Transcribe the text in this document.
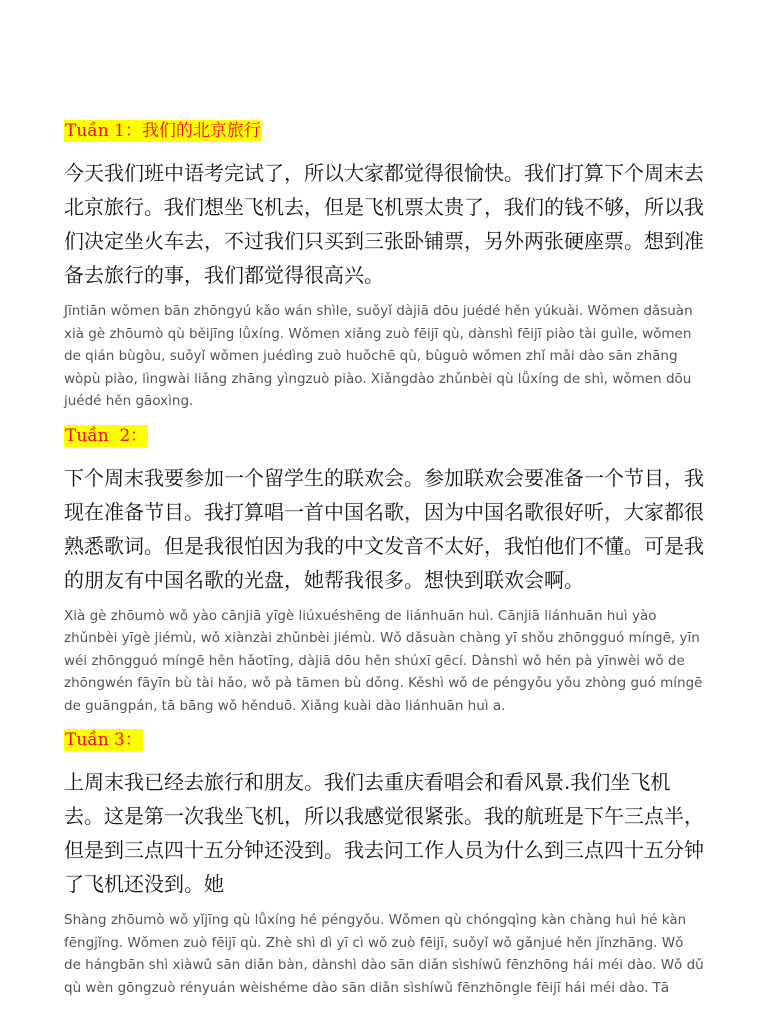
Tuần 1：我们的北京旅行

今天我们班中语考完试了，所以大家都觉得很愉快。我们打算下个周末去北京旅行。我们想坐飞机去，但是飞机票太贵了，我们的钱不够，所以我们决定坐火车去，不过我们只买到三张卧铺票，另外两张硬座票。想到准备去旅行的事，我们都觉得很高兴。

Jīntiān wǒmen bān zhōngyú kǎo wán shìle, suǒyǐ dàjiā dōu juédé hěn yúkuài. Wǒmen dǎsuàn xià gè zhōumò qù běijīng lǚxíng. Wǒmen xiǎng zuò fēijī qù, dànshì fēijī piào tài guìle, wǒmen de qián bùgòu, suǒyǐ wǒmen juédìng zuò huǒchē qù, bùguò wǒmen zhǐ mǎi dào sān zhāng wòpù piào, lìngwài liǎng zhāng yìngzuò piào. Xiǎngdào zhǔnbèi qù lǚxíng de shì, wǒmen dōu juédé hěn gāoxìng.

Tuần  2：

下个周末我要参加一个留学生的联欢会。参加联欢会要准备一个节目，我现在准备节目。我打算唱一首中国名歌，因为中国名歌很好听，大家都很熟悉歌词。但是我很怕因为我的中文发音不太好，我怕他们不懂。可是我的朋友有中国名歌的光盘，她帮我很多。想快到联欢会啊。

Xià gè zhōumò wǒ yào cānjiā yīgè liúxuéshēng de liánhuān huì. Cānjiā liánhuān huì yào zhǔnbèi yīgè jiémù, wǒ xiànzài zhǔnbèi jiémù. Wǒ dǎsuàn chàng yī shǒu zhōngguó míngē, yīn wéi zhōngguó míngē hěn hǎotīng, dàjiā dōu hěn shúxī gēcí. Dànshì wǒ hěn pà yīnwèi wǒ de zhōngwén fāyīn bù tài hǎo, wǒ pà tāmen bù dǒng. Kěshì wǒ de péngyǒu yǒu zhòng guó míngē de guāngpán, tā bāng wǒ hěnduō. Xiǎng kuài dào liánhuān huì a.

Tuần 3：

上周末我已经去旅行和朋友。我们去重庆看唱会和看风景.我们坐飞机去。这是第一次我坐飞机，所以我感觉很紧张。我的航班是下午三点半，但是到三点四十五分钟还没到。我去问工作人员为什么到三点四十五分钟了飞机还没到。她

Shàng zhōumò wǒ yǐjīng qù lǚxíng hé péngyǒu. Wǒmen qù chóngqìng kàn chàng huì hé kàn fēngjǐng. Wǒmen zuò fēijī qù. Zhè shì dì yī cì wǒ zuò fēijī, suǒyǐ wǒ gǎnjué hěn jǐnzhāng. Wǒ de hángbān shì xiàwǔ sān diǎn bàn, dànshì dào sān diǎn sìshíwǔ fēnzhōng hái méi dào. Wǒ dǔ qù wèn gōngzuò rényuán wèishéme dào sān diǎn sìshíwǔ fēnzhōngle fēijī hái méi dào. Tā
